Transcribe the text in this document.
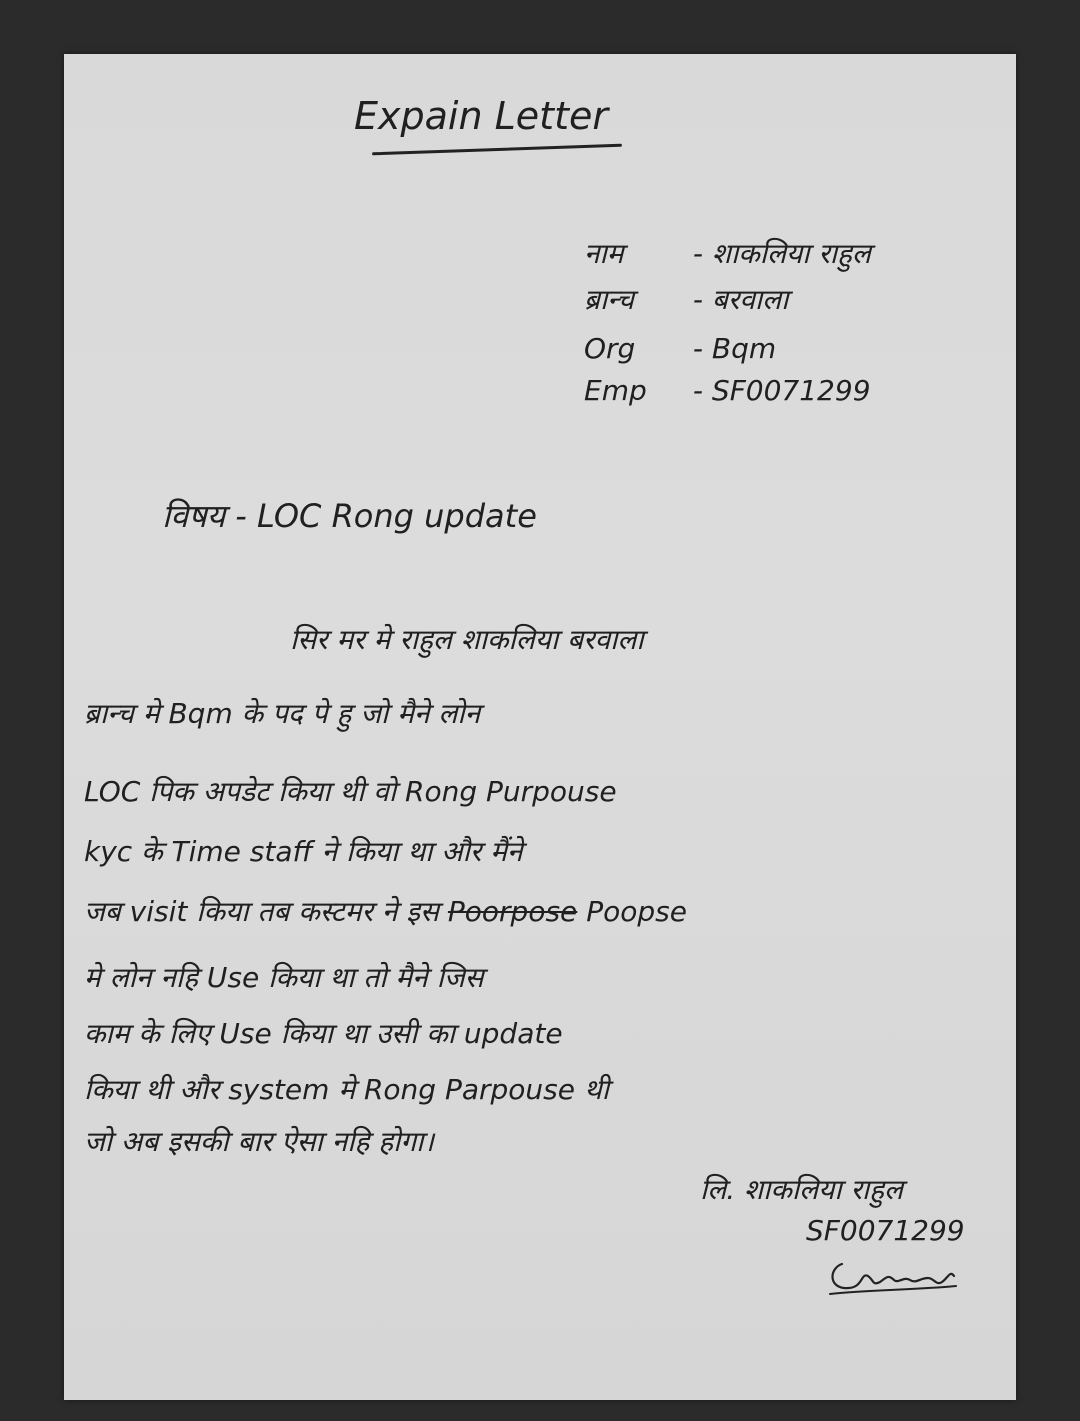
Expain Letter
नाम - शाकलिया राहुल
ब्रान्च - बरवाला
Org - Bqm
Emp - SF0071299
विषय - LOC Rong update
सिर मर मे राहुल शाकलिया बरवाला
ब्रान्च मे Bqm के पद पे हु जो मैने लोन
LOC पिक अपडेट किया थी वो Rong Purpouse
kyc के Time staff ने किया था और मैंने
जब visit किया तब कस्टमर ने इस Poorpose Poopse
मे लोन नहि Use किया था तो मैने जिस
काम के लिए Use किया था उसी का update
किया थी और system मे Rong Parpouse थी
जो अब इसकी बार ऐसा नहि होगा।
लि. शाकलिया राहुल
SF0071299
